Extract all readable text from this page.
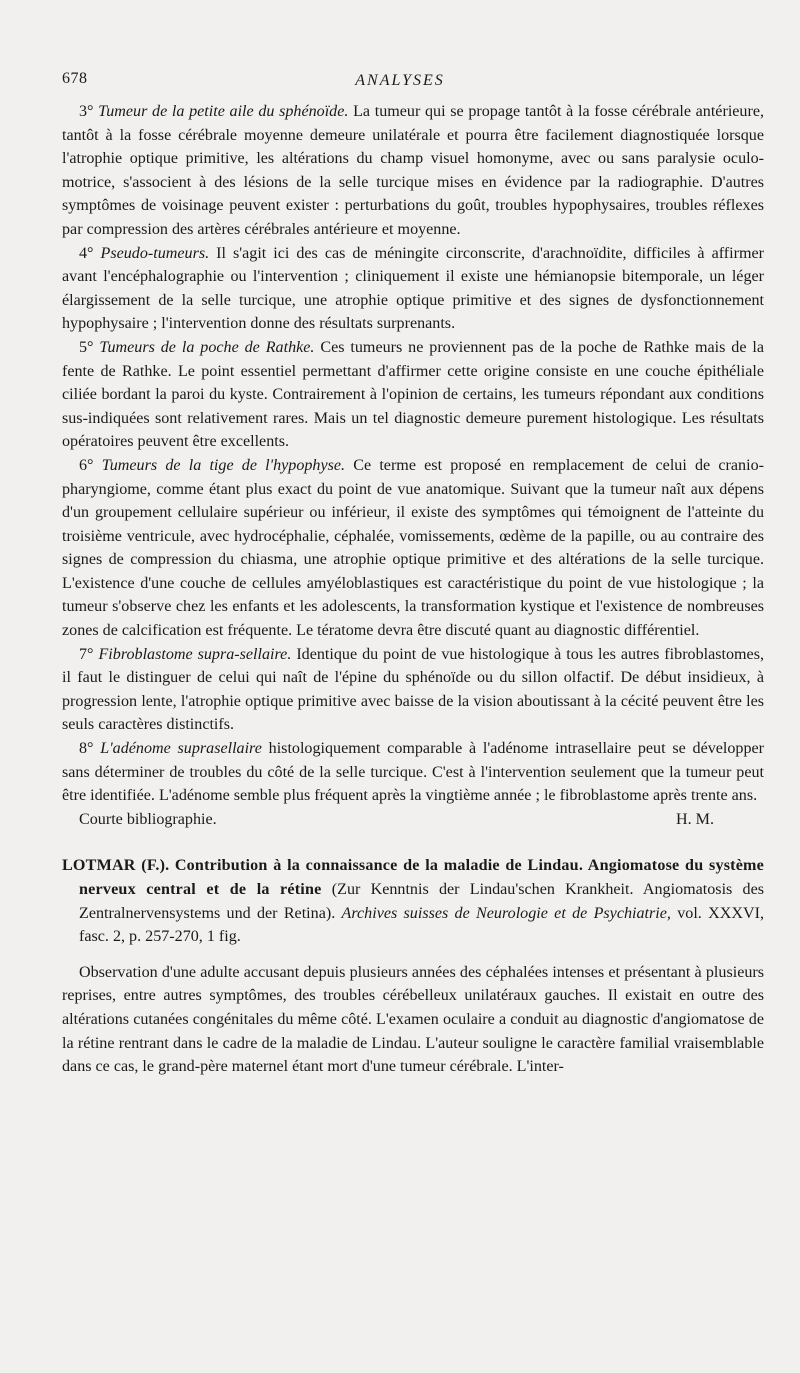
678	ANALYSES

3° Tumeur de la petite aile du sphénoïde. La tumeur qui se propage tantôt à la fosse cérébrale antérieure, tantôt à la fosse cérébrale moyenne demeure unilatérale et pourra être facilement diagnostiquée lorsque l'atrophie optique primitive, les altérations du champ visuel homonyme, avec ou sans paralysie oculo-motrice, s'associent à des lésions de la selle turcique mises en évidence par la radiographie. D'autres symptômes de voisinage peuvent exister : perturbations du goût, troubles hypophysaires, troubles réflexes par compression des artères cérébrales antérieure et moyenne.

4° Pseudo-tumeurs. Il s'agit ici des cas de méningite circonscrite, d'arachnoïdite, difficiles à affirmer avant l'encéphalographie ou l'intervention ; cliniquement il existe une hémianopsie bitemporale, un léger élargissement de la selle turcique, une atrophie optique primitive et des signes de dysfonctionnement hypophysaire ; l'intervention donne des résultats surprenants.

5° Tumeurs de la poche de Rathke. Ces tumeurs ne proviennent pas de la poche de Rathke mais de la fente de Rathke. Le point essentiel permettant d'affirmer cette origine consiste en une couche épithéliale ciliée bordant la paroi du kyste. Contrairement à l'opinion de certains, les tumeurs répondant aux conditions sus-indiquées sont relativement rares. Mais un tel diagnostic demeure purement histologique. Les résultats opératoires peuvent être excellents.

6° Tumeurs de la tige de l'hypophyse. Ce terme est proposé en remplacement de celui de cranio-pharyngiome, comme étant plus exact du point de vue anatomique. Suivant que la tumeur naît aux dépens d'un groupement cellulaire supérieur ou inférieur, il existe des symptômes qui témoignent de l'atteinte du troisième ventricule, avec hydrocéphalie, céphalée, vomissements, œdème de la papille, ou au contraire des signes de compression du chiasma, une atrophie optique primitive et des altérations de la selle turcique. L'existence d'une couche de cellules amyéloblastiques est caractéristique du point de vue histologique ; la tumeur s'observe chez les enfants et les adolescents, la transformation kystique et l'existence de nombreuses zones de calcification est fréquente. Le tératome devra être discuté quant au diagnostic différentiel.

7° Fibroblastome supra-sellaire. Identique du point de vue histologique à tous les autres fibroblastomes, il faut le distinguer de celui qui naît de l'épine du sphénoïde ou du sillon olfactif. De début insidieux, à progression lente, l'atrophie optique primitive avec baisse de la vision aboutissant à la cécité peuvent être les seuls caractères distinctifs.

8° L'adénome suprasellaire histologiquement comparable à l'adénome intrasellaire peut se développer sans déterminer de troubles du côté de la selle turcique. C'est à l'intervention seulement que la tumeur peut être identifiée. L'adénome semble plus fréquent après la vingtième année ; le fibroblastome après trente ans.

Courte bibliographie.	H. M.

LOTMAR (F.). Contribution à la connaissance de la maladie de Lindau. Angiomatose du système nerveux central et de la rétine (Zur Kenntnis der Lindau'schen Krankheit. Angiomatosis des Zentralnervensystems und der Retina). Archives suisses de Neurologie et de Psychiatrie, vol. XXXVI, fasc. 2, p. 257-270, 1 fig.

Observation d'une adulte accusant depuis plusieurs années des céphalées intenses et présentant à plusieurs reprises, entre autres symptômes, des troubles cérébelleux unilatéraux gauches. Il existait en outre des altérations cutanées congénitales du même côté. L'examen oculaire a conduit au diagnostic d'angiomatose de la rétine rentrant dans le cadre de la maladie de Lindau. L'auteur souligne le caractère familial vraisemblable dans ce cas, le grand-père maternel étant mort d'une tumeur cérébrale. L'inter-
